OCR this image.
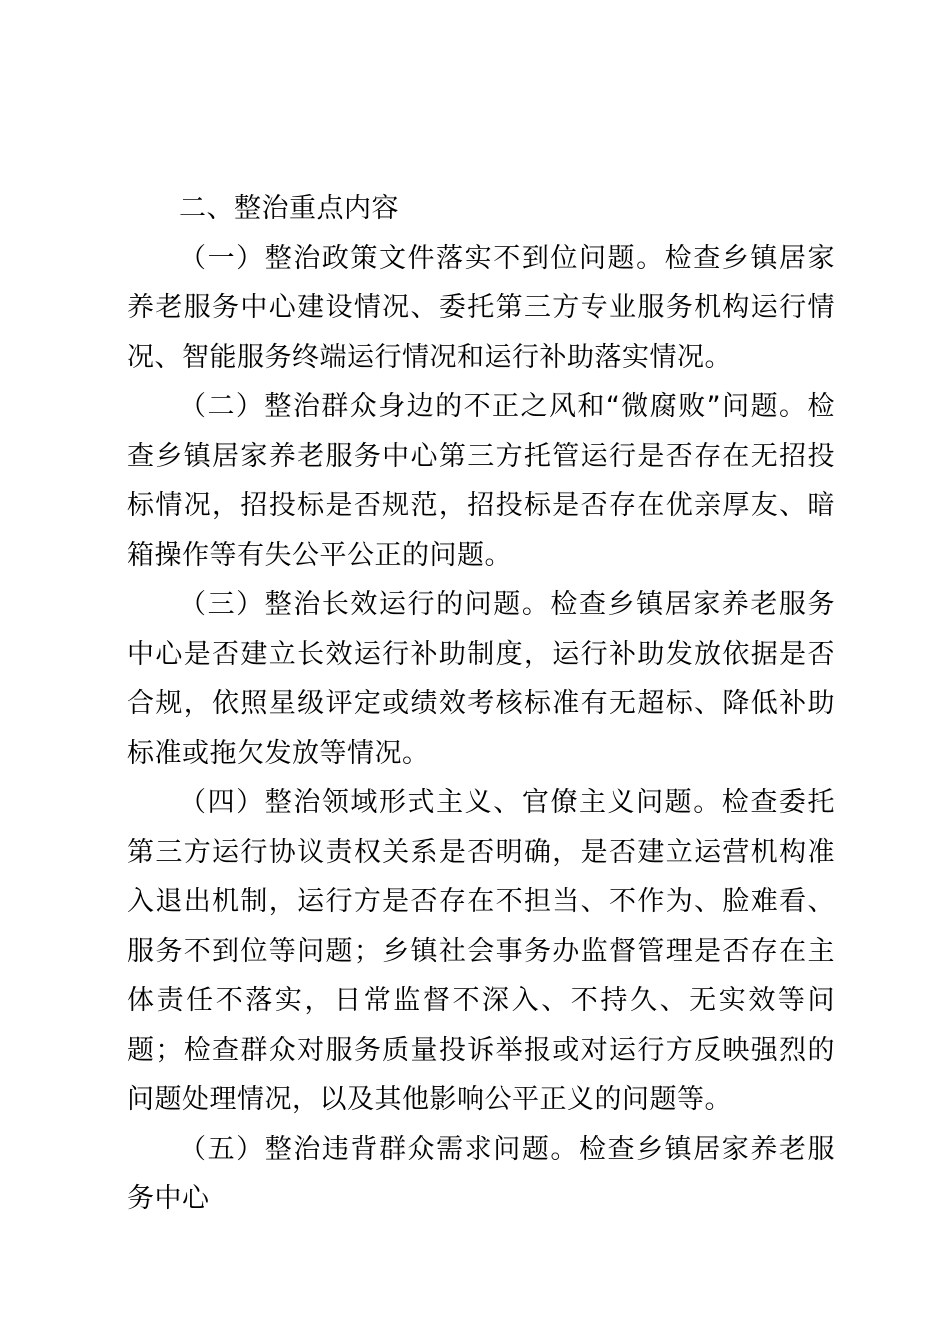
二、整治重点内容

（一）整治政策文件落实不到位问题。检查乡镇居家养老服务中心建设情况、委托第三方专业服务机构运行情况、智能服务终端运行情况和运行补助落实情况。

（二）整治群众身边的不正之风和“微腐败”问题。检查乡镇居家养老服务中心第三方托管运行是否存在无招投标情况，招投标是否规范，招投标是否存在优亲厚友、暗箱操作等有失公平公正的问题。

（三）整治长效运行的问题。检查乡镇居家养老服务中心是否建立长效运行补助制度，运行补助发放依据是否合规，依照星级评定或绩效考核标准有无超标、降低补助标准或拖欠发放等情况。

（四）整治领域形式主义、官僚主义问题。检查委托第三方运行协议责权关系是否明确，是否建立运营机构准入退出机制，运行方是否存在不担当、不作为、脸难看、服务不到位等问题；乡镇社会事务办监督管理是否存在主体责任不落实，日常监督不深入、不持久、无实效等问题；检查群众对服务质量投诉举报或对运行方反映强烈的问题处理情况，以及其他影响公平正义的问题等。

（五）整治违背群众需求问题。检查乡镇居家养老服务中心
